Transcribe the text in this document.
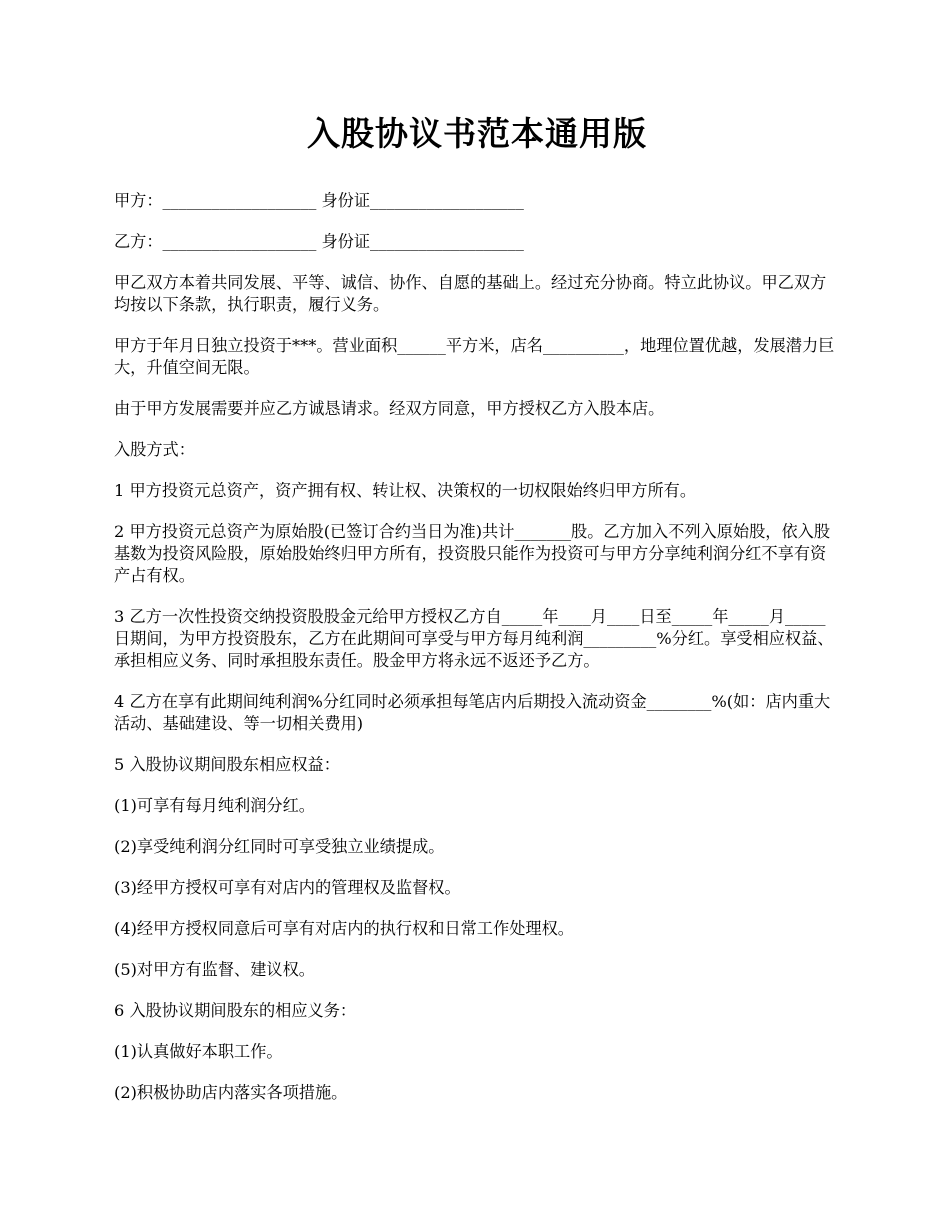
入股协议书范本通用版

甲方：___________________ 身份证___________________

乙方：___________________ 身份证___________________

甲乙双方本着共同发展、平等、诚信、协作、自愿的基础上。经过充分协商。特立此协议。甲乙双方均按以下条款，执行职责，履行义务。

甲方于年月日独立投资于***。营业面积______平方米，店名__________，地理位置优越，发展潜力巨大，升值空间无限。

由于甲方发展需要并应乙方诚恳请求。经双方同意，甲方授权乙方入股本店。

入股方式：

1 甲方投资元总资产，资产拥有权、转让权、决策权的一切权限始终归甲方所有。

2 甲方投资元总资产为原始股(已签订合约当日为准)共计_______股。乙方加入不列入原始股，依入股基数为投资风险股，原始股始终归甲方所有，投资股只能作为投资可与甲方分享纯利润分红不享有资产占有权。

3 乙方一次性投资交纳投资股股金元给甲方授权乙方自_____年____月____日至_____年_____月_____日期间，为甲方投资股东，乙方在此期间可享受与甲方每月纯利润_________%分红。享受相应权益、承担相应义务、同时承担股东责任。股金甲方将永远不返还予乙方。

4 乙方在享有此期间纯利润%分红同时必须承担每笔店内后期投入流动资金________%(如：店内重大活动、基础建设、等一切相关费用)

5 入股协议期间股东相应权益：

(1)可享有每月纯利润分红。

(2)享受纯利润分红同时可享受独立业绩提成。

(3)经甲方授权可享有对店内的管理权及监督权。

(4)经甲方授权同意后可享有对店内的执行权和日常工作处理权。

(5)对甲方有监督、建议权。

6 入股协议期间股东的相应义务：

(1)认真做好本职工作。

(2)积极协助店内落实各项措施。
